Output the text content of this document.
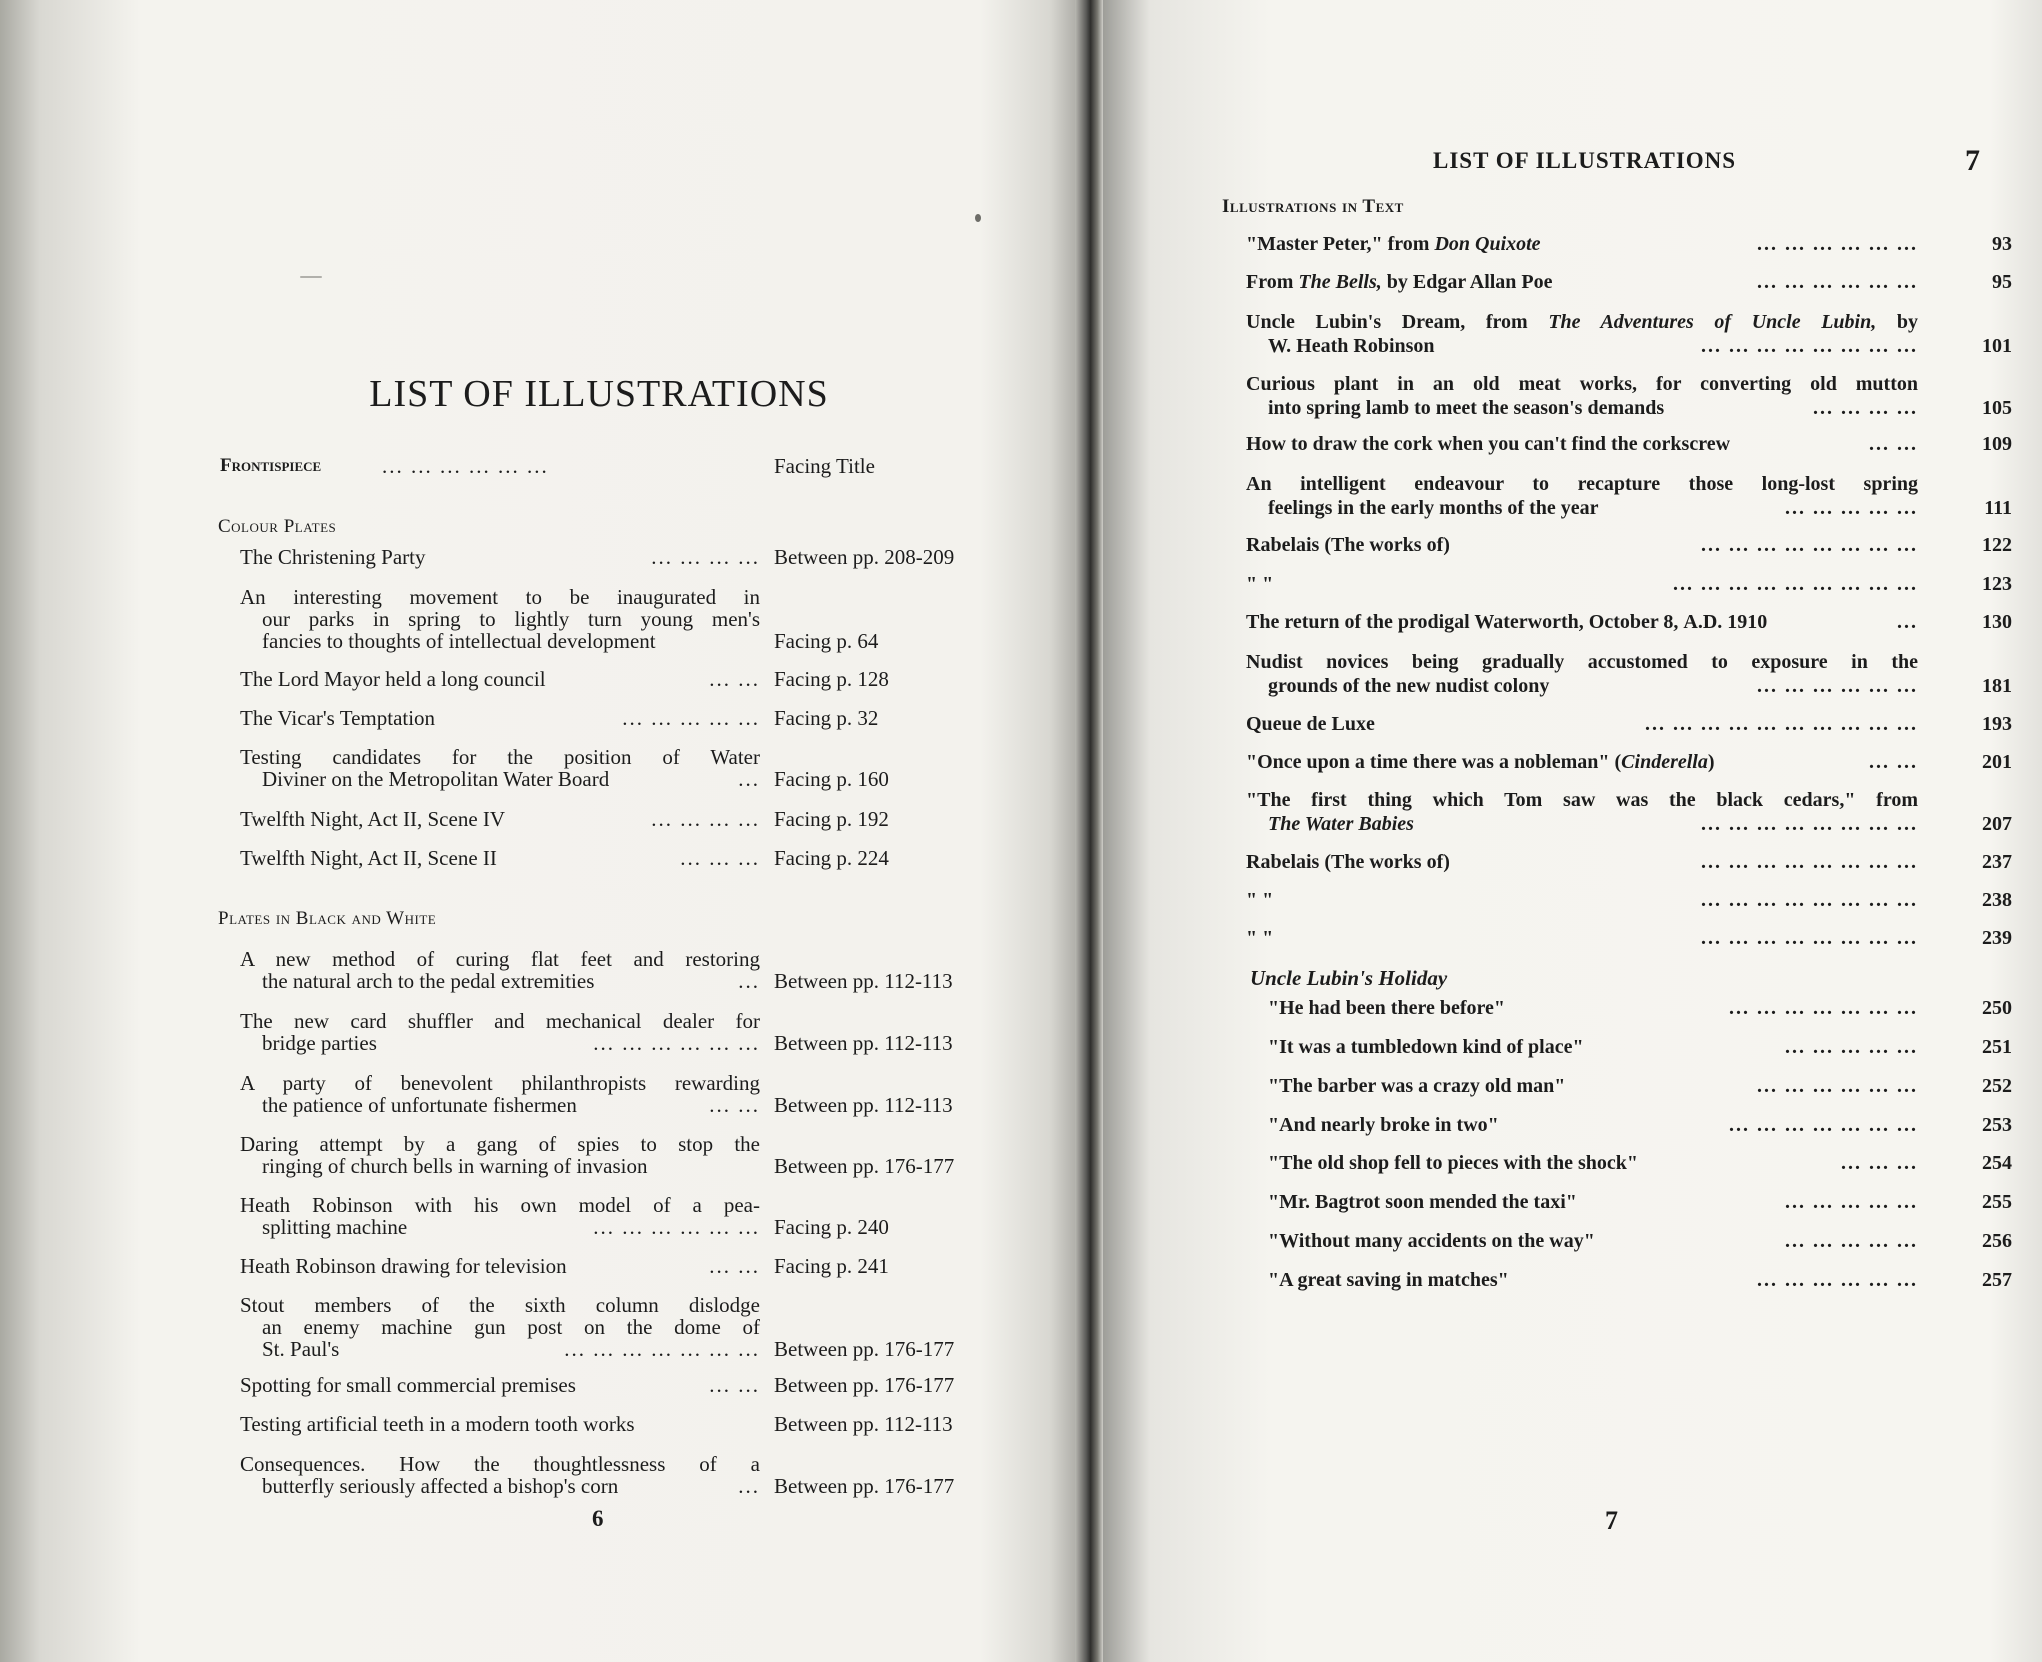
LIST OF ILLUSTRATIONS
Frontispiece	... ... ... ... ... ...	Facing Title
Colour Plates
The Christening Party	... ... ... ... Between pp. 208-209
An interesting movement to be inaugurated in
our parks in spring to lightly turn young men's
fancies to thoughts of intellectual development	Facing p. 64
The Lord Mayor held a long council	... ... Facing p. 128
The Vicar's Temptation	... ... ... ... ... Facing p. 32
Testing candidates for the position of Water
Diviner on the Metropolitan Water Board	... Facing p. 160
Twelfth Night, Act II, Scene IV	... ... ... ... Facing p. 192
Twelfth Night, Act II, Scene II	... ... ... Facing p. 224
Plates in Black and White
A new method of curing flat feet and restoring
the natural arch to the pedal extremities	... Between pp. 112-113
The new card shuffler and mechanical dealer for
bridge parties	... ... ... ... ... ... Between pp. 112-113
A party of benevolent philanthropists rewarding
the patience of unfortunate fishermen	... ... Between pp. 112-113
Daring attempt by a gang of spies to stop the
ringing of church bells in warning of invasion	Between pp. 176-177
Heath Robinson with his own model of a pea-
splitting machine	... ... ... ... ... ... Facing p. 240
Heath Robinson drawing for television	... ... Facing p. 241
Stout members of the sixth column dislodge
an enemy machine gun post on the dome of
St. Paul's	... ... ... ... ... ... ... Between pp. 176-177
Spotting for small commercial premises	... ... Between pp. 176-177
Testing artificial teeth in a modern tooth works	Between pp. 112-113
Consequences. How the thoughtlessness of a
butterfly seriously affected a bishop's corn	... Between pp. 176-177
6
LIST OF ILLUSTRATIONS	7
Illustrations in Text
"Master Peter," from Don Quixote	... ... ... ... ... ...	93
From The Bells, by Edgar Allan Poe	... ... ... ... ... ...	95
Uncle Lubin's Dream, from The Adventures of Uncle Lubin, by
W. Heath Robinson	... ... ... ... ... ... ... ...	101
Curious plant in an old meat works, for converting old mutton
into spring lamb to meet the season's demands	... ... ... ...	105
How to draw the cork when you can't find the corkscrew	... ...	109
An intelligent endeavour to recapture those long-lost spring
feelings in the early months of the year	... ... ... ... ...	111
Rabelais (The works of)	... ... ... ... ... ... ... ...	122
" "	... ... ... ... ... ... ... ... ...	123
The return of the prodigal Waterworth, October 8, A.D. 1910	...	130
Nudist novices being gradually accustomed to exposure in the
grounds of the new nudist colony	... ... ... ... ... ...	181
Queue de Luxe	... ... ... ... ... ... ... ... ... ...	193
"Once upon a time there was a nobleman" (Cinderella)	... ...	201
"The first thing which Tom saw was the black cedars," from
The Water Babies	... ... ... ... ... ... ... ...	207
Rabelais (The works of)	... ... ... ... ... ... ... ...	237
" "	... ... ... ... ... ... ... ...	238
" "	... ... ... ... ... ... ... ...	239
Uncle Lubin's Holiday
"He had been there before"	... ... ... ... ... ... ...	250
"It was a tumbledown kind of place"	... ... ... ... ...	251
"The barber was a crazy old man"	... ... ... ... ... ...	252
"And nearly broke in two"	... ... ... ... ... ... ...	253
"The old shop fell to pieces with the shock"	... ... ...	254
"Mr. Bagtrot soon mended the taxi"	... ... ... ... ...	255
"Without many accidents on the way"	... ... ... ... ...	256
"A great saving in matches"	... ... ... ... ... ...	257
7
